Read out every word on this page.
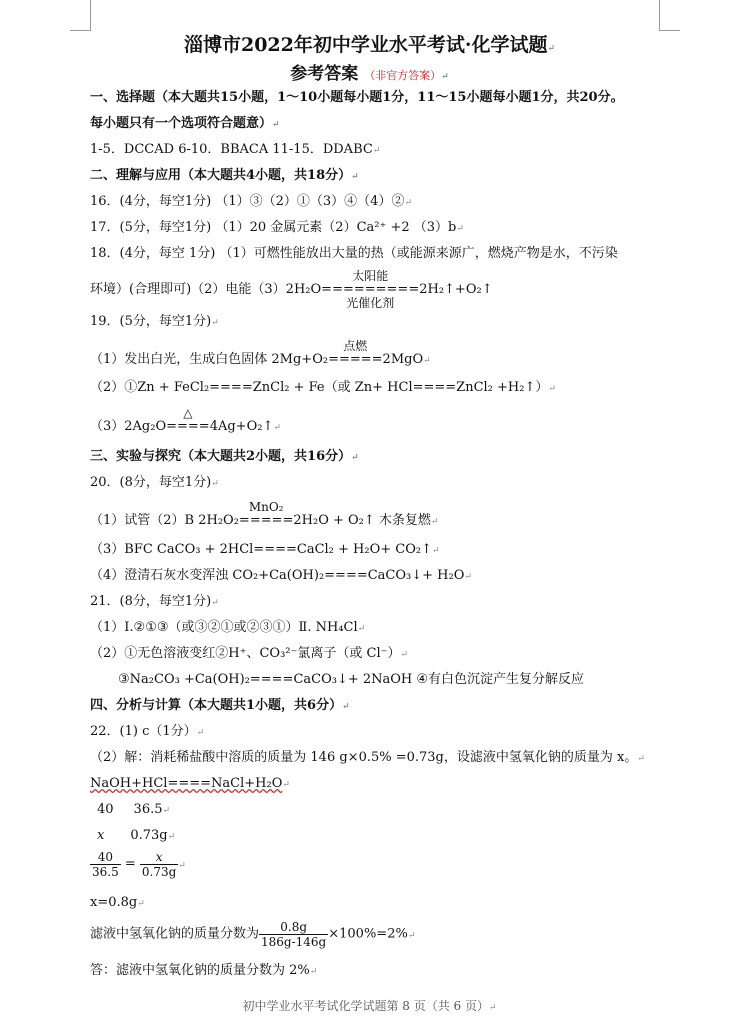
淄博市2022年初中学业水平考试·化学试题↵
参考答案 （非官方答案）↵
一、选择题（本大题共15小题，1～10小题每小题1分，11～15小题每小题1分，共20分。
每小题只有一个选项符合题意）↵
1-5．DCCAD 6-10．BBACA 11-15．DDABC↵
二、理解与应用（本大题共4小题，共18分）↵
16．(4分，每空1分) （1）③（2）①（3）④（4）②↵
17．(5分，每空1分) （1）20 金属元素（2）Ca²⁺ +2 （3）b↵
18．(4分，每空 1分) （1）可燃性能放出大量的热（或能源来源广，燃烧产物是水，不污染
环境）(合理即可)（2）电能（3）2H₂O
太阳能
=========
光催化剂
2H₂↑+O₂↑
19．(5分，每空1分)↵
（1）发出白光，生成白色固体 2Mg+O₂
点燃
=====2MgO↵
（2）①Zn + FeCl₂====ZnCl₂ + Fe（或 Zn+ HCl====ZnCl₂ +H₂↑）↵
（3）2Ag₂O
△
====4Ag+O₂↑↵
三、实验与探究（本大题共2小题，共16分）↵
20．(8分，每空1分)↵
（1）试管（2）B 2H₂O₂
MnO₂
=====2H₂O + O₂↑ 木条复燃↵
（3）BFC CaCO₃ + 2HCl====CaCl₂ + H₂O+ CO₂↑↵
（4）澄清石灰水变浑浊 CO₂+Ca(OH)₂====CaCO₃↓+ H₂O↵
21．(8分，每空1分)↵
（1）Ⅰ.②①③（或③②①或②③①）Ⅱ. NH₄Cl↵
（2）①无色溶液变红②H⁺、CO₃²⁻氯离子（或 Cl⁻）↵
③Na₂CO₃ +Ca(OH)₂====CaCO₃↓+ 2NaOH ④有白色沉淀产生复分解反应
四、分析与计算（本大题共1小题，共6分）↵
22．(1) c（1分）↵
（2）解：消耗稀盐酸中溶质的质量为 146 g×0.5% =0.73g，设滤液中氢氧化钠的质量为 x。↵
NaOH+HCl====NaCl+H₂O↵
40 36.5↵
x 0.73g↵
$\frac{40}{36.5} = \frac{x}{0.73g}$ ↵
x=0.8g↵
滤液中氢氧化钠的质量分数为 $\frac{0.8g}{186g-146g}$ ×100%=2%↵
答：滤液中氢氧化钠的质量分数为 2%↵
初中学业水平考试化学试题第 8 页（共 6 页）↵
